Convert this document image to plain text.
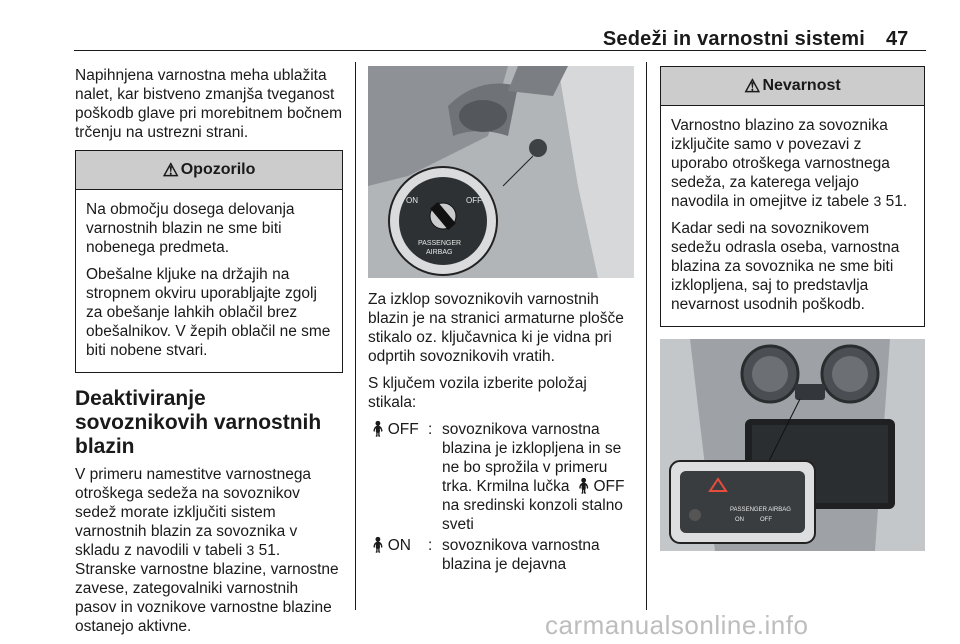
Sedeži in varnostni sistemi 47

Napihnjena varnostna meha ublažita nalet, kar bistveno zmanjša tveganost poškodb glave pri morebitnem bočnem trčenju na ustrezni strani.

⚠ Opozorilo

Na območju dosega delovanja varnostnih blazin ne sme biti nobenega predmeta.

Obešalne kljuke na držajih na stropnem okviru uporabljajte zgolj za obešanje lahkih oblačil brez obešalnikov. V žepih oblačil ne sme biti nobene stvari.

Deaktiviranje sovoznikovih varnostnih blazin

V primeru namestitve varnostnega otroškega sedeža na sovoznikov sedež morate izključiti sistem varnostnih blazin za sovoznika v skladu z navodili v tabeli 3 51. Stranske varnostne blazine, varnostne zavese, zategovalniki varnostnih pasov in voznikove varnostne blazine ostanejo aktivne.

ON	OFF
PASSENGER
AIRBAG

Za izklop sovoznikovih varnostnih blazin je na stranici armaturne plošče stikalo oz. ključavnica ki je vidna pri odprtih sovoznikovih vratih.

S ključem vozila izberite položaj stikala:

🧍︎OFF : sovoznikova varnostna blazina je izklopljena in se ne bo sprožila v primeru trka. Krmilna lučka 🧍︎OFF na sredinski konzoli stalno sveti
🧍︎ON	: sovoznikova varnostna blazina je dejavna
⚠ Nevarnost

Varnostno blazino za sovoznika izključite samo v povezavi z uporabo otroškega varnostnega sedeža, za katerega veljajo navodila in omejitve iz tabele 3 51.

Kadar sedi na sovoznikovem sedežu odrasla oseba, varnostna blazina za sovoznika ne sme biti izklopljena, saj to predstavlja nevarnost usodnih poškodb.

PASSENGER AIRBAG
ON	OFF
carmanualsonline.info
